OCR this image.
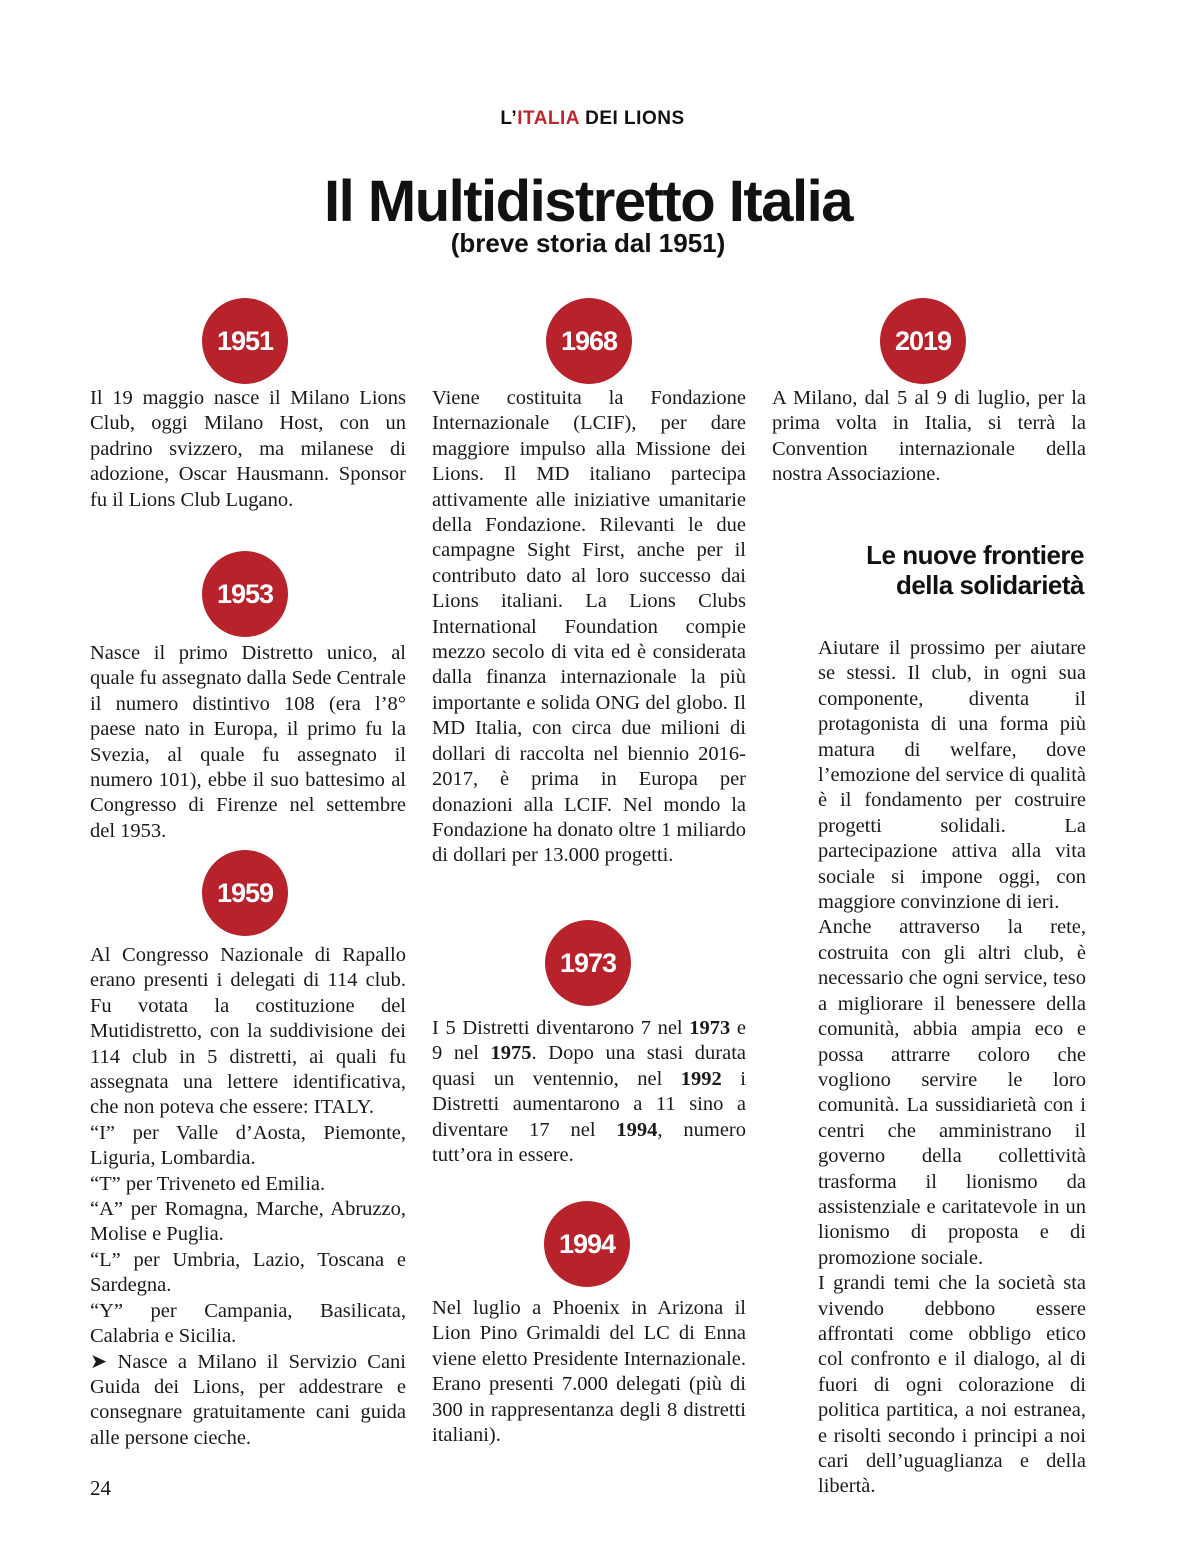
L’ITALIA DEI LIONS
Il Multidistretto Italia
(breve storia dal 1951)
1951
Il 19 maggio nasce il Milano Lions Club, oggi Milano Host, con un padrino svizzero, ma milanese di adozione, Oscar Hausmann. Sponsor fu il Lions Club Lugano.
1953
Nasce il primo Distretto unico, al quale fu assegnato dalla Sede Centrale il numero distintivo 108 (era l’8° paese nato in Europa, il primo fu la Svezia, al quale fu assegnato il numero 101), ebbe il suo battesimo al Congresso di Firenze nel settembre del 1953.
1959

Al Congresso Nazionale di Rapallo erano presenti i delegati di 114 club. Fu votata la costituzione del Mutidistretto, con la suddivisione dei 114 club in 5 distretti, ai quali fu assegnata una lettere identificativa, che non poteva che essere: ITALY.

“I” per Valle d’Aosta, Piemonte, Liguria, Lombardia.

“T” per Triveneto ed Emilia.

“A” per Romagna, Marche, Abruzzo, Molise e Puglia.

“L” per Umbria, Lazio, Toscana e Sardegna.

“Y” per Campania, Basilicata, Calabria e Sicilia.

➤ Nasce a Milano il Servizio Cani Guida dei Lions, per addestrare e consegnare gratuitamente cani guida alle persone cieche.

1968
Viene costituita la Fondazione Internazionale (LCIF), per dare maggiore impulso alla Missione dei Lions. Il MD italiano partecipa attivamente alle iniziative umanitarie della Fondazione. Rilevanti le due campagne Sight First, anche per il contributo dato al loro successo dai Lions italiani. La Lions Clubs International Foundation compie mezzo secolo di vita ed è considerata dalla finanza internazionale la più importante e solida ONG del globo. Il MD Italia, con circa due milioni di dollari di raccolta nel biennio 2016-2017, è prima in Europa per donazioni alla LCIF. Nel mondo la Fondazione ha donato oltre 1 miliardo di dollari per 13.000 progetti.
1973
I 5 Distretti diventarono 7 nel 1973 e 9 nel 1975. Dopo una stasi durata quasi un ventennio, nel 1992 i Distretti aumentarono a 11 sino a diventare 17 nel 1994, numero tutt’ora in essere.
1994
Nel luglio a Phoenix in Arizona il Lion Pino Grimaldi del LC di Enna viene eletto Presidente Internazionale. Erano presenti 7.000 delegati (più di 300 in rappresentanza degli 8 distretti italiani).
2019
A Milano, dal 5 al 9 di luglio, per la prima volta in Italia, si terrà la Convention internazionale della nostra Associazione.
Le nuove frontiere
della solidarietà

Aiutare il prossimo per aiutare se stessi. Il club, in ogni sua componente, diventa il protagonista di una forma più matura di welfare, dove l’emozione del service di qualità è il fondamento per costruire progetti solidali. La partecipazione attiva alla vita sociale si impone oggi, con maggiore convinzione di ieri.

Anche attraverso la rete, costruita con gli altri club, è necessario che ogni service, teso a migliorare il benessere della comunità, abbia ampia eco e possa attrarre coloro che vogliono servire le loro comunità. La sussidiarietà con i centri che amministrano il governo della collettività trasforma il lionismo da assistenziale e caritatevole in un lionismo di proposta e di promozione sociale.

I grandi temi che la società sta vivendo debbono essere affrontati come obbligo etico col confronto e il dialogo, al di fuori di ogni colorazione di politica partitica, a noi estranea, e risolti secondo i principi a noi cari dell’uguaglianza e della libertà.

24
